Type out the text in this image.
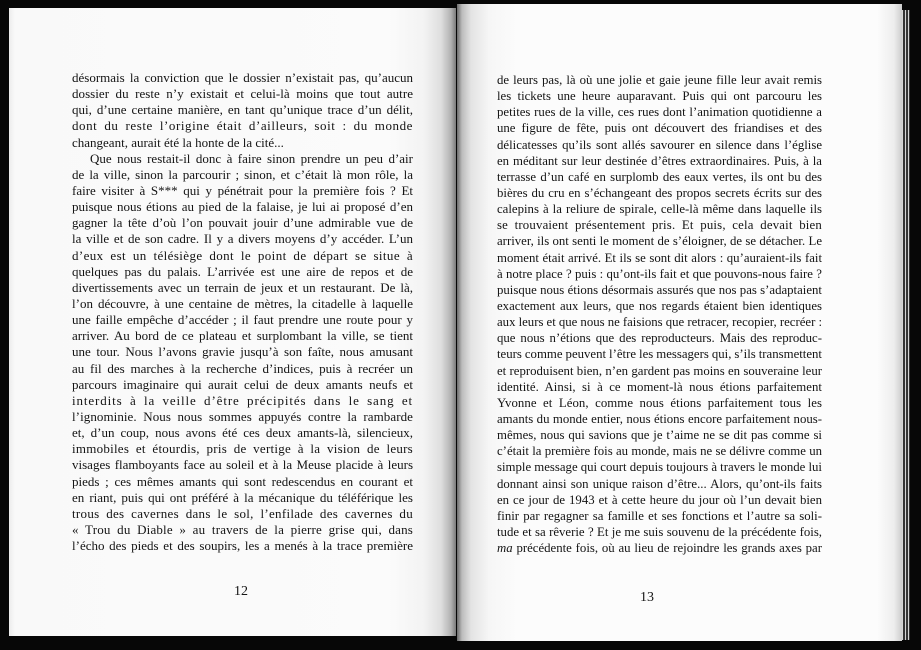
désormais la conviction que le dossier n’existait pas, qu’aucun
dossier du reste n’y existait et celui-là moins que tout autre
qui, d’une certaine manière, en tant qu’unique trace d’un délit,
dont du reste l’origine était d’ailleurs, soit : du monde
changeant, aurait été la honte de la cité...
Que nous restait-il donc à faire sinon prendre un peu d’air
de la ville, sinon la parcourir ; sinon, et c’était là mon rôle, la
faire visiter à S*** qui y pénétrait pour la première fois ? Et
puisque nous étions au pied de la falaise, je lui ai proposé d’en
gagner la tête d’où l’on pouvait jouir d’une admirable vue de
la ville et de son cadre. Il y a divers moyens d’y accéder. L’un
d’eux est un télésiège dont le point de départ se situe à
quelques pas du palais. L’arrivée est une aire de repos et de
divertissements avec un terrain de jeux et un restaurant. De là,
l’on découvre, à une centaine de mètres, la citadelle à laquelle
une faille empêche d’accéder ; il faut prendre une route pour y
arriver. Au bord de ce plateau et surplombant la ville, se tient
une tour. Nous l’avons gravie jusqu’à son faîte, nous amusant
au fil des marches à la recherche d’indices, puis à recréer un
parcours imaginaire qui aurait celui de deux amants neufs et
interdits à la veille d’être précipités dans le sang et
l’ignominie. Nous nous sommes appuyés contre la rambarde
et, d’un coup, nous avons été ces deux amants-là, silencieux,
immobiles et étourdis, pris de vertige à la vision de leurs
visages flamboyants face au soleil et à la Meuse placide à leurs
pieds ; ces mêmes amants qui sont redescendus en courant et
en riant, puis qui ont préféré à la mécanique du téléférique les
trous des cavernes dans le sol, l’enfilade des cavernes du
« Trou du Diable » au travers de la pierre grise qui, dans
l’écho des pieds et des soupirs, les a menés à la trace première
12
de leurs pas, là où une jolie et gaie jeune fille leur avait remis
les tickets une heure auparavant. Puis qui ont parcouru les
petites rues de la ville, ces rues dont l’animation quotidienne a
une figure de fête, puis ont découvert des friandises et des
délicatesses qu’ils sont allés savourer en silence dans l’église
en méditant sur leur destinée d’êtres extraordinaires. Puis, à la
terrasse d’un café en surplomb des eaux vertes, ils ont bu des
bières du cru en s’échangeant des propos secrets écrits sur des
calepins à la reliure de spirale, celle-là même dans laquelle ils
se trouvaient présentement pris. Et puis, cela devait bien
arriver, ils ont senti le moment de s’éloigner, de se détacher. Le
moment était arrivé. Et ils se sont dit alors : qu’auraient-ils fait
à notre place ? puis : qu’ont-ils fait et que pouvons-nous faire ?
puisque nous étions désormais assurés que nos pas s’adaptaient
exactement aux leurs, que nos regards étaient bien identiques
aux leurs et que nous ne faisions que retracer, recopier, recréer :
que nous n’étions que des reproducteurs. Mais des reproduc-
teurs comme peuvent l’être les messagers qui, s’ils transmettent
et reproduisent bien, n’en gardent pas moins en souveraine leur
identité. Ainsi, si à ce moment-là nous étions parfaitement
Yvonne et Léon, comme nous étions parfaitement tous les
amants du monde entier, nous étions encore parfaitement nous-
mêmes, nous qui savions que je t’aime ne se dit pas comme si
c’était la première fois au monde, mais ne se délivre comme un
simple message qui court depuis toujours à travers le monde lui
donnant ainsi son unique raison d’être... Alors, qu’ont-ils faits
en ce jour de 1943 et à cette heure du jour où l’un devait bien
finir par regagner sa famille et ses fonctions et l’autre sa soli-
tude et sa rêverie ? Et je me suis souvenu de la précédente fois,
ma précédente fois, où au lieu de rejoindre les grands axes par
13
